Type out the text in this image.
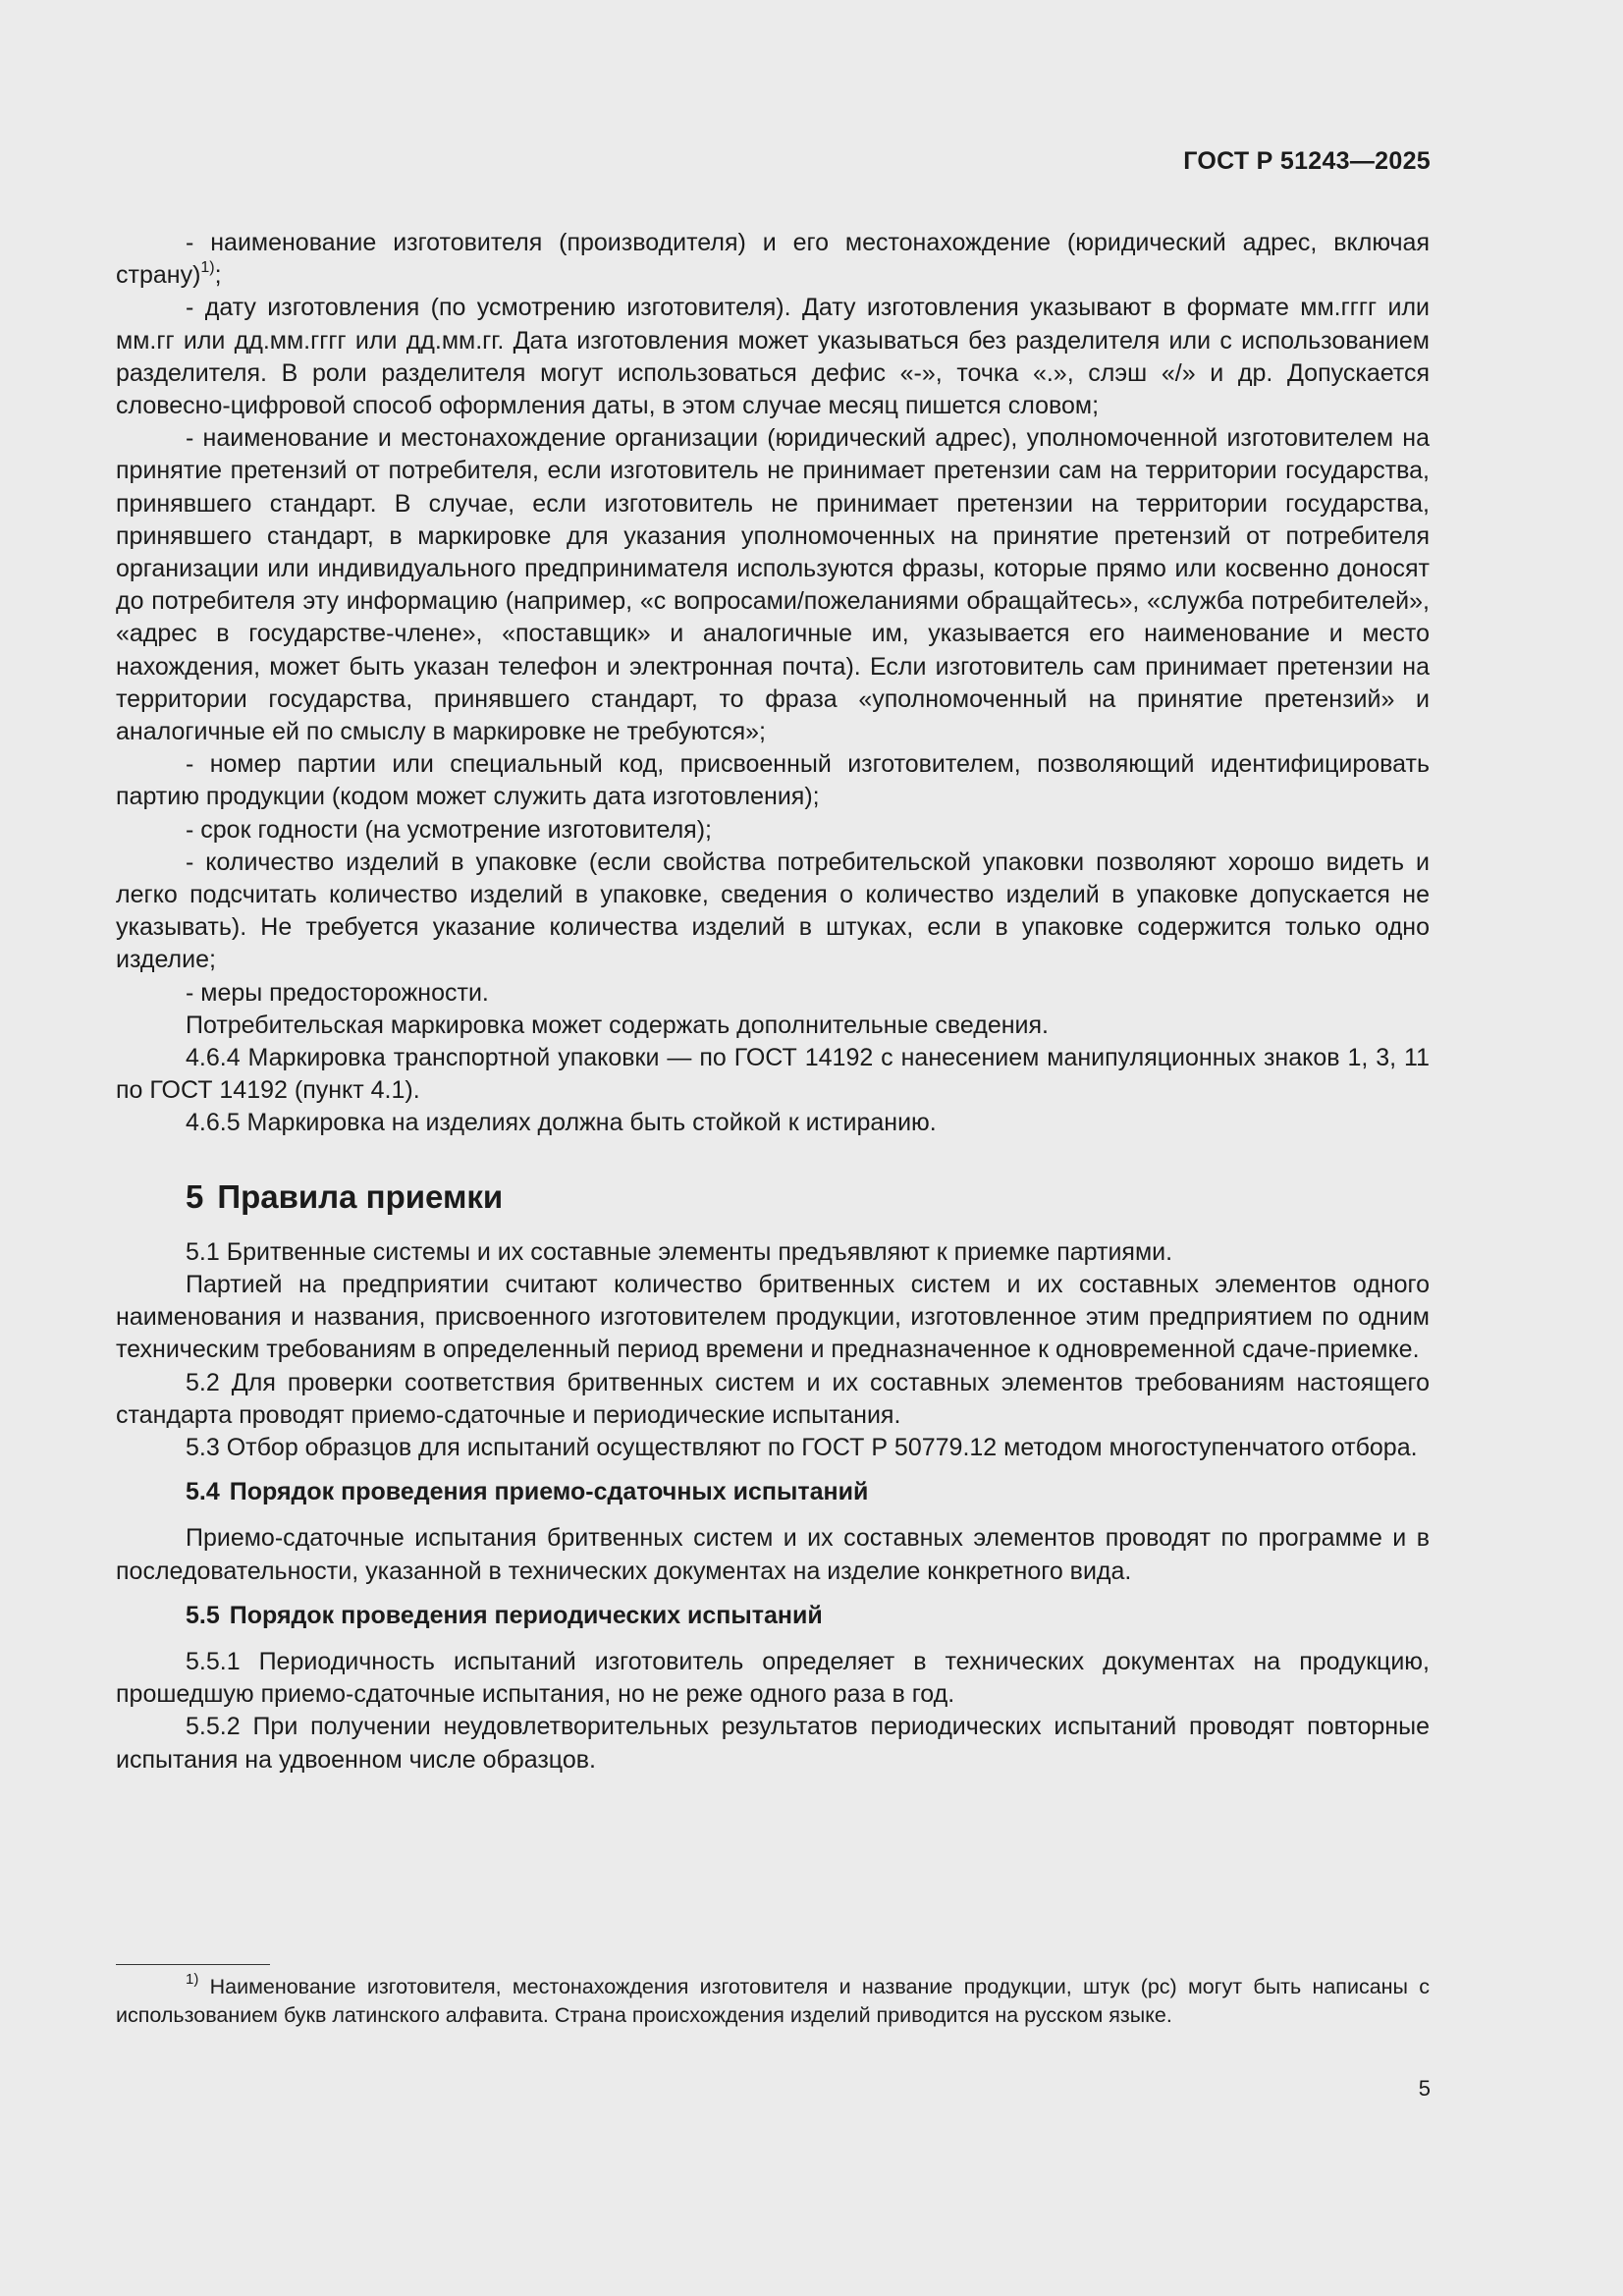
ГОСТ Р 51243—2025

- наименование изготовителя (производителя) и его местонахождение (юридический адрес, включая страну)$^{1)}$;

- дату изготовления (по усмотрению изготовителя). Дату изготовления указывают в формате мм.гггг или мм.гг или дд.мм.гггг или дд.мм.гг. Дата изготовления может указываться без разделителя или с использованием разделителя. В роли разделителя могут использоваться дефис «-», точка «.», слэш «/» и др. Допускается словесно-цифровой способ оформления даты, в этом случае месяц пишется словом;

- наименование и местонахождение организации (юридический адрес), уполномоченной изготовителем на принятие претензий от потребителя, если изготовитель не принимает претензии сам на территории государства, принявшего стандарт. В случае, если изготовитель не принимает претензии на территории государства, принявшего стандарт, в маркировке для указания уполномоченных на принятие претензий от потребителя организации или индивидуального предпринимателя используются фразы, которые прямо или косвенно доносят до потребителя эту информацию (например, «с вопросами/пожеланиями обращайтесь», «служба потребителей», «адрес в государстве-члене», «поставщик» и аналогичные им, указывается его наименование и место нахождения, может быть указан телефон и электронная почта). Если изготовитель сам принимает претензии на территории государства, принявшего стандарт, то фраза «уполномоченный на принятие претензий» и аналогичные ей по смыслу в маркировке не требуются»;

- номер партии или специальный код, присвоенный изготовителем, позволяющий идентифицировать партию продукции (кодом может служить дата изготовления);

- срок годности (на усмотрение изготовителя);

- количество изделий в упаковке (если свойства потребительской упаковки позволяют хорошо видеть и легко подсчитать количество изделий в упаковке, сведения о количество изделий в упаковке допускается не указывать). Не требуется указание количества изделий в штуках, если в упаковке содержится только одно изделие;

- меры предосторожности.

Потребительская маркировка может содержать дополнительные сведения.

4.6.4 Маркировка транспортной упаковки — по ГОСТ 14192 с нанесением манипуляционных знаков 1, 3, 11 по ГОСТ 14192 (пункт 4.1).

4.6.5 Маркировка на изделиях должна быть стойкой к истиранию.

5 Правила приемки

5.1 Бритвенные системы и их составные элементы предъявляют к приемке партиями.

Партией на предприятии считают количество бритвенных систем и их составных элементов одного наименования и названия, присвоенного изготовителем продукции, изготовленное этим предприятием по одним техническим требованиям в определенный период времени и предназначенное к одновременной сдаче-приемке.

5.2 Для проверки соответствия бритвенных систем и их составных элементов требованиям настоящего стандарта проводят приемо-сдаточные и периодические испытания.

5.3 Отбор образцов для испытаний осуществляют по ГОСТ Р 50779.12 методом многоступенчатого отбора.

5.4 Порядок проведения приемо-сдаточных испытаний

Приемо-сдаточные испытания бритвенных систем и их составных элементов проводят по программе и в последовательности, указанной в технических документах на изделие конкретного вида.

5.5 Порядок проведения периодических испытаний

5.5.1 Периодичность испытаний изготовитель определяет в технических документах на продукцию, прошедшую приемо-сдаточные испытания, но не реже одного раза в год.

5.5.2 При получении неудовлетворительных результатов периодических испытаний проводят повторные испытания на удвоенном числе образцов.

$^{1)}$ Наименование изготовителя, местонахождения изготовителя и название продукции, штук (рс) могут быть написаны с использованием букв латинского алфавита. Страна происхождения изделий приводится на русском языке.

5
